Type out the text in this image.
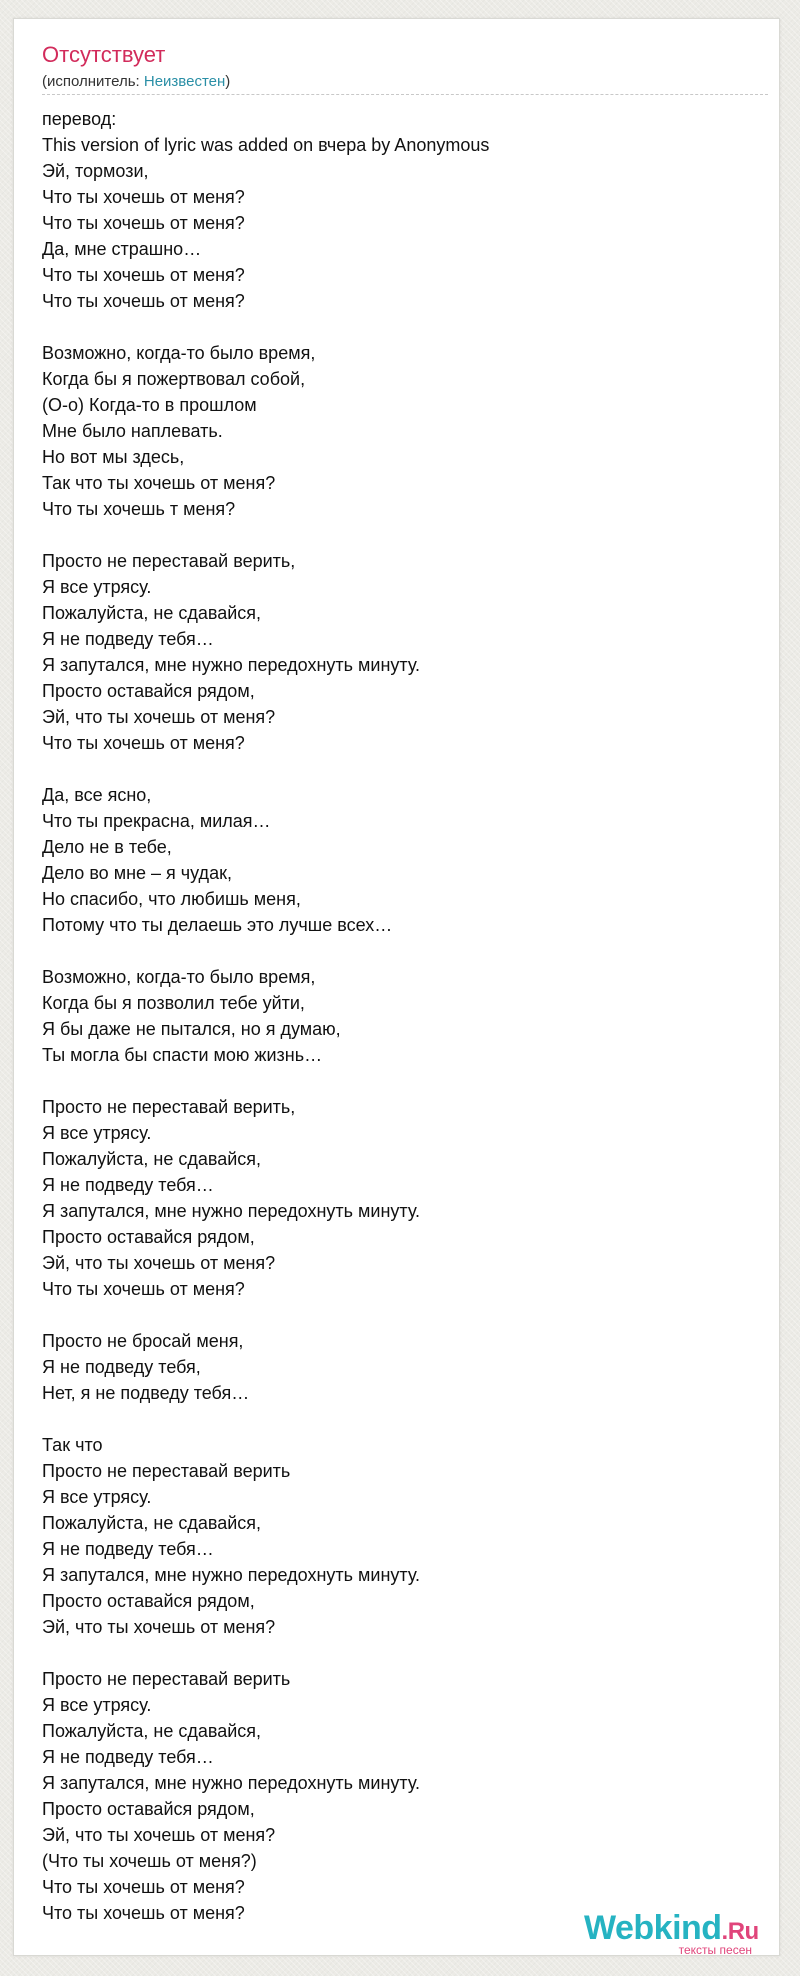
Отсутствует
(исполнитель: Неизвестен)
перевод:
This version of lyric was added on вчера by Anonymous
Эй, тормози,
Что ты хочешь от меня?
Что ты хочешь от меня?
Да, мне страшно…
Что ты хочешь от меня?
Что ты хочешь от меня?
Возможно, когда-то было время,
Когда бы я пожертвовал собой,
(О-о) Когда-то в прошлом
Мне было наплевать.
Но вот мы здесь,
Так что ты хочешь от меня?
Что ты хочешь т меня?
Просто не переставай верить,
Я все утрясу.
Пожалуйста, не сдавайся,
Я не подведу тебя…
Я запутался, мне нужно передохнуть минуту.
Просто оставайся рядом,
Эй, что ты хочешь от меня?
Что ты хочешь от меня?
Да, все ясно,
Что ты прекрасна, милая…
Дело не в тебе,
Дело во мне – я чудак,
Но спасибо, что любишь меня,
Потому что ты делаешь это лучше всех…
Возможно, когда-то было время,
Когда бы я позволил тебе уйти,
Я бы даже не пытался, но я думаю,
Ты могла бы спасти мою жизнь…
Просто не переставай верить,
Я все утрясу.
Пожалуйста, не сдавайся,
Я не подведу тебя…
Я запутался, мне нужно передохнуть минуту.
Просто оставайся рядом,
Эй, что ты хочешь от меня?
Что ты хочешь от меня?
Просто не бросай меня,
Я не подведу тебя,
Нет, я не подведу тебя…
Так что
Просто не переставай верить
Я все утрясу.
Пожалуйста, не сдавайся,
Я не подведу тебя…
Я запутался, мне нужно передохнуть минуту.
Просто оставайся рядом,
Эй, что ты хочешь от меня?
Просто не переставай верить
Я все утрясу.
Пожалуйста, не сдавайся,
Я не подведу тебя…
Я запутался, мне нужно передохнуть минуту.
Просто оставайся рядом,
Эй, что ты хочешь от меня?
(Что ты хочешь от меня?)
Что ты хочешь от меня?
Что ты хочешь от меня?	Webkind.Ru
тексты песен
